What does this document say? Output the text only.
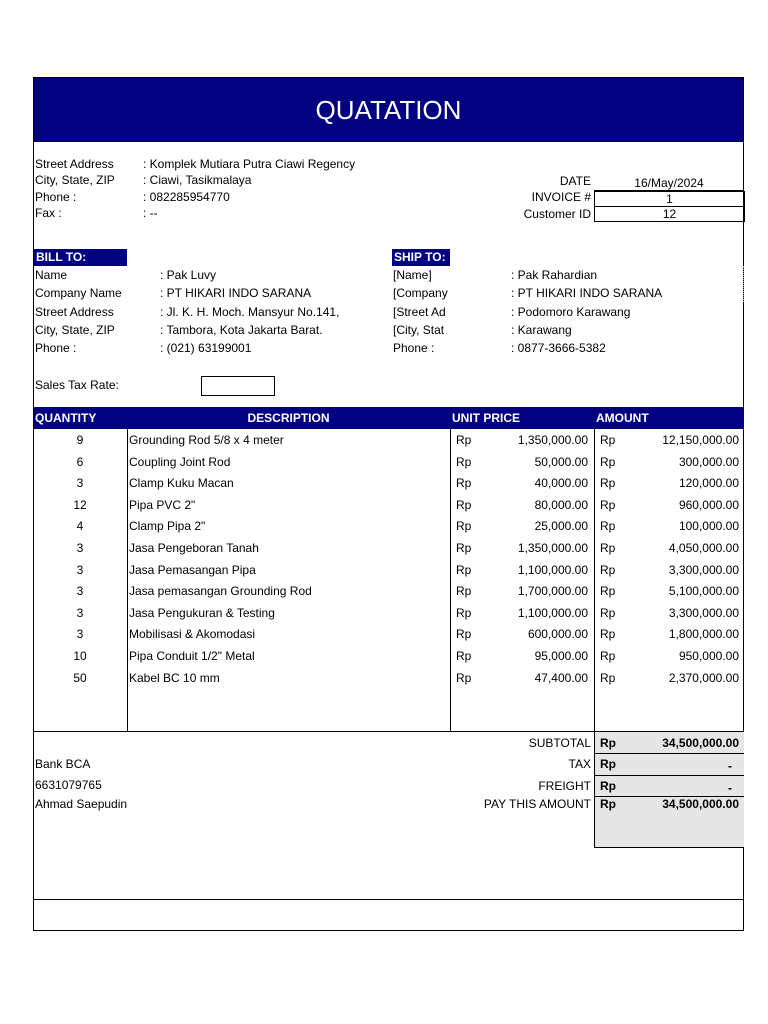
QUATATION
Street Address : Komplek Mutiara Putra Ciawi Regency
City, State, ZIP : Ciawi, Tasikmalaya
Phone :	: 082285954770
Fax :	: --
DATE	16/May/2024
INVOICE #	1
Customer ID	12
BILL TO:
Name	: Pak Luvy
Company Name	: PT HIKARI INDO SARANA
Street Address	: Jl. K. H. Moch. Mansyur No.141,
City, State, ZIP	: Tambora, Kota Jakarta Barat.
Phone :	: (021) 63199001
SHIP TO:
[Name]	: Pak Rahardian
[Company	: PT HIKARI INDO SARANA
[Street Ad	: Podomoro Karawang
[City, Stat	: Karawang
Phone :	: 0877-3666-5382
Sales Tax Rate:
QUANTITY	DESCRIPTION	UNIT PRICE	AMOUNT
9	Grounding Rod 5/8 x 4 meter	Rp	1,350,000.00 Rp	12,150,000.00
6	Coupling Joint Rod	Rp	50,000.00 Rp	300,000.00
3	Clamp Kuku Macan	Rp	40,000.00 Rp	120,000.00
12	Pipa PVC 2"	Rp	80,000.00 Rp	960,000.00
4	Clamp Pipa 2"	Rp	25,000.00 Rp	100,000.00
3	Jasa Pengeboran Tanah	Rp	1,350,000.00 Rp	4,050,000.00
3	Jasa Pemasangan Pipa	Rp	1,100,000.00 Rp	3,300,000.00
3	Jasa pemasangan Grounding Rod	Rp	1,700,000.00 Rp	5,100,000.00
3	Jasa Pengukuran & Testing	Rp	1,100,000.00 Rp	3,300,000.00
3	Mobilisasi & Akomodasi	Rp	600,000.00 Rp	1,800,000.00
10	Pipa Conduit 1/2" Metal	Rp	95,000.00 Rp	950,000.00
50	Kabel BC 10 mm	Rp	47,400.00 Rp	2,370,000.00
SUBTOTAL Rp	34,500,000.00
TAX Rp	-
FREIGHT Rp	-
PAY THIS AMOUNT Rp	34,500,000.00
Bank BCA
6631079765
Ahmad Saepudin
